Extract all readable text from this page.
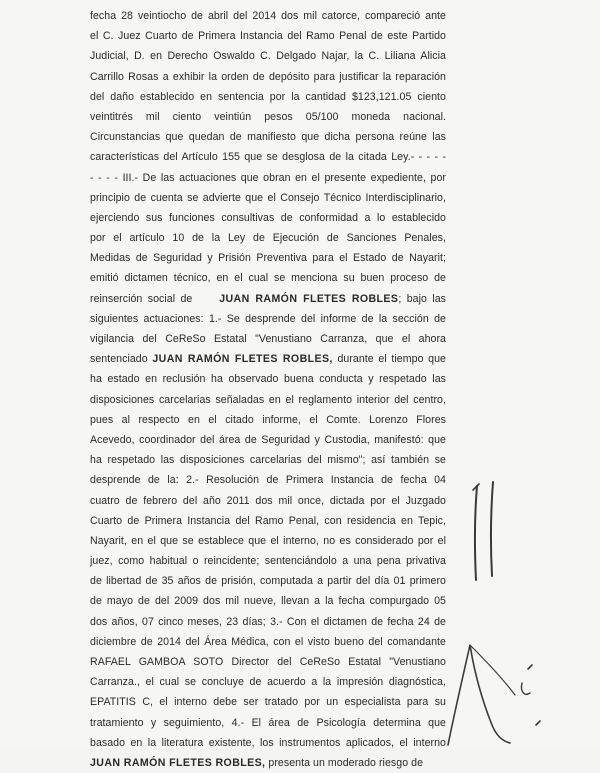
fecha 28 veintiocho de abril del 2014 dos mil catorce, compareció ante
el C. Juez Cuarto de Primera Instancia del Ramo Penal de este Partido
Judicial, D. en Derecho Oswaldo C. Delgado Najar, la C. Liliana Alicia
Carrillo Rosas a exhibir la orden de depósito para justificar la reparación
del daño establecido en sentencia por la cantidad $123,121.05 ciento
veintitrés mil ciento veintiún pesos 05/100 moneda nacional.
Circunstancias que quedan de manifiesto que dicha persona reúne las
características del Artículo 155 que se desglosa de la citada Ley.- - - - -
- - - - III.- De las actuaciones que obran en el presente expediente, por
principio de cuenta se advierte que el Consejo Técnico Interdisciplinario,
ejerciendo sus funciones consultivas de conformidad a lo establecido
por el artículo 10 de la Ley de Ejecución de Sanciones Penales,
Medidas de Seguridad y Prisión Preventiva para el Estado de Nayarit;
emitió dictamen técnico, en el cual se menciona su buen proceso de
reinserción social de	JUAN RAMÓN FLETES ROBLES; bajo las
siguientes actuaciones: 1.- Se desprende del informe de la sección de
vigilancia del CeReSo Estatal "Venustiano Carranza, que el ahora
sentenciado JUAN RAMÓN FLETES ROBLES, durante el tiempo que
ha estado en reclusión ha observado buena conducta y respetado las
disposiciones carcelarias señaladas en el reglamento interior del centro,
pues al respecto en el citado informe, el Comte. Lorenzo Flores
Acevedo, coordinador del área de Seguridad y Custodia, manifestó: que
ha respetado las disposiciones carcelarias del mismo"; así también se
desprende de la: 2.- Resolución de Primera Instancia de fecha 04
cuatro de febrero del año 2011 dos mil once, dictada por el Juzgado
Cuarto de Primera Instancia del Ramo Penal, con residencia en Tepic,
Nayarit, en el que se establece que el interno, no es considerado por el
juez, como habitual o reincidente; sentenciándolo a una pena privativa
de libertad de 35 años de prisión, computada a partir del día 01 primero
de mayo de del 2009 dos mil nueve, llevan a la fecha compurgado 05
dos años, 07 cinco meses, 23 días; 3.- Con el dictamen de fecha 24 de
diciembre de 2014 del Área Médica, con el visto bueno del comandante
RAFAEL GAMBOA SOTO Director del CeReSo Estatal "Venustiano
Carranza., el cual se concluye de acuerdo a la impresión diagnóstica,
EPATITIS C, el interno debe ser tratado por un especialista para su
tratamiento y seguimiento, 4.- El área de Psicología determina que
basado en la literatura existente, los instrumentos aplicados, el interno
JUAN RAMÓN FLETES ROBLES, presenta un moderado riesgo de
